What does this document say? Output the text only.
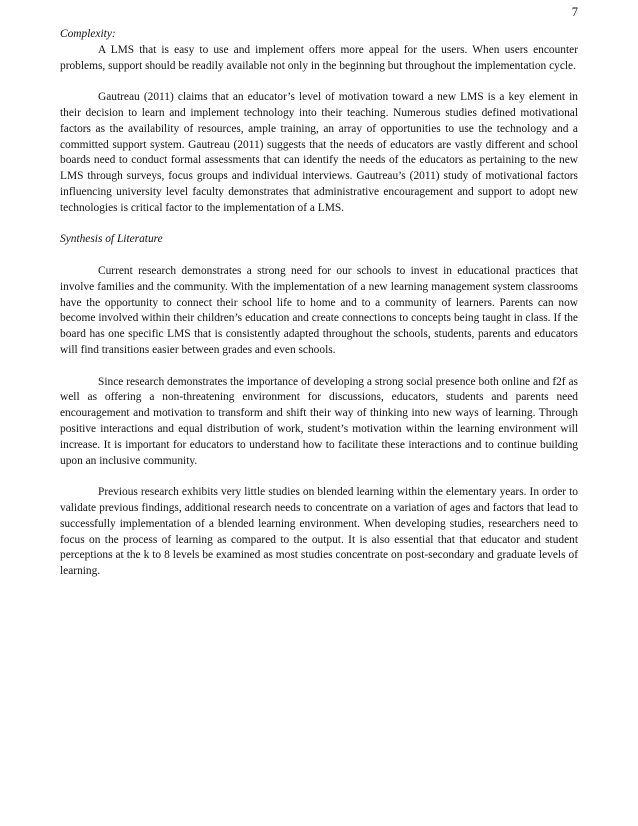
7
Complexity:

A LMS that is easy to use and implement offers more appeal for the users. When users encounter problems, support should be readily available not only in the beginning but throughout the implementation cycle.

Gautreau (2011) claims that an educator’s level of motivation toward a new LMS is a key element in their decision to learn and implement technology into their teaching. Numerous studies defined motivational factors as the availability of resources, ample training, an array of opportunities to use the technology and a committed support system. Gautreau (2011) suggests that the needs of educators are vastly different and school boards need to conduct formal assessments that can identify the needs of the educators as pertaining to the new LMS through surveys, focus groups and individual interviews. Gautreau’s (2011) study of motivational factors influencing university level faculty demonstrates that administrative encouragement and support to adopt new technologies is critical factor to the implementation of a LMS.

Synthesis of Literature

Current research demonstrates a strong need for our schools to invest in educational practices that involve families and the community. With the implementation of a new learning management system classrooms have the opportunity to connect their school life to home and to a community of learners. Parents can now become involved within their children’s education and create connections to concepts being taught in class. If the board has one specific LMS that is consistently adapted throughout the schools, students, parents and educators will find transitions easier between grades and even schools.

Since research demonstrates the importance of developing a strong social presence both online and f2f as well as offering a non-threatening environment for discussions, educators, students and parents need encouragement and motivation to transform and shift their way of thinking into new ways of learning. Through positive interactions and equal distribution of work, student’s motivation within the learning environment will increase. It is important for educators to understand how to facilitate these interactions and to continue building upon an inclusive community.

Previous research exhibits very little studies on blended learning within the elementary years. In order to validate previous findings, additional research needs to concentrate on a variation of ages and factors that lead to successfully implementation of a blended learning environment. When developing studies, researchers need to focus on the process of learning as compared to the output. It is also essential that that educator and student perceptions at the k to 8 levels be examined as most studies concentrate on post-secondary and graduate levels of learning.
